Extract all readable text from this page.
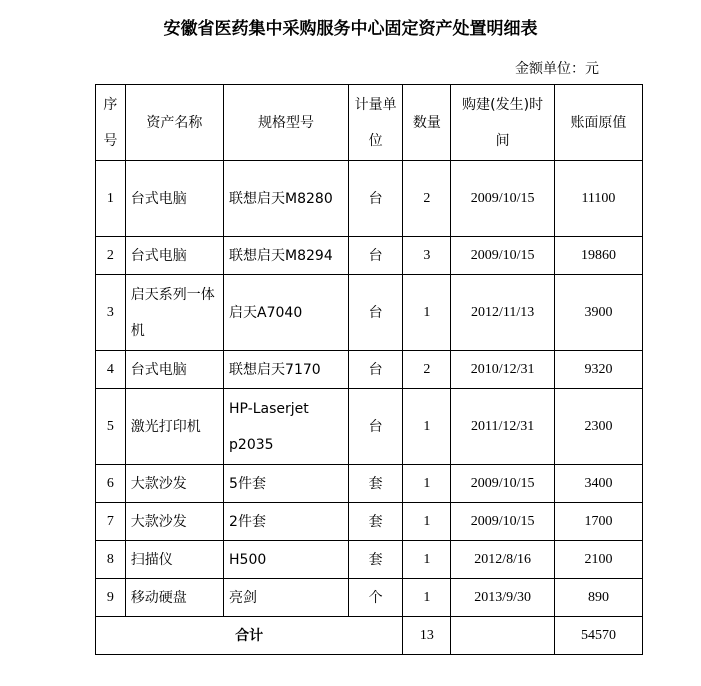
安徽省医药集中采购服务中心固定资产处置明细表
金额单位：元
序号	资产名称	规格型号	计量单位	数量	购建(发生)时间	账面原值
1	台式电脑	联想启天M8280	台	2	2009/10/15	11100
2	台式电脑	联想启天M8294	台	3	2009/10/15	19860
3	启天系列一体机	启天A7040	台	1	2012/11/13	3900
4	台式电脑	联想启天7170	台	2	2010/12/31	9320
5	激光打印机	HP-Laserjet p2035	台	1	2011/12/31	2300
6	大款沙发	5件套	套	1	2009/10/15	3400
7	大款沙发	2件套	套	1	2009/10/15	1700
8	扫描仪	H500	套	1	2012/8/16	2100
9	移动硬盘	亮剑	个	1	2013/9/30	890
合计				13		54570
